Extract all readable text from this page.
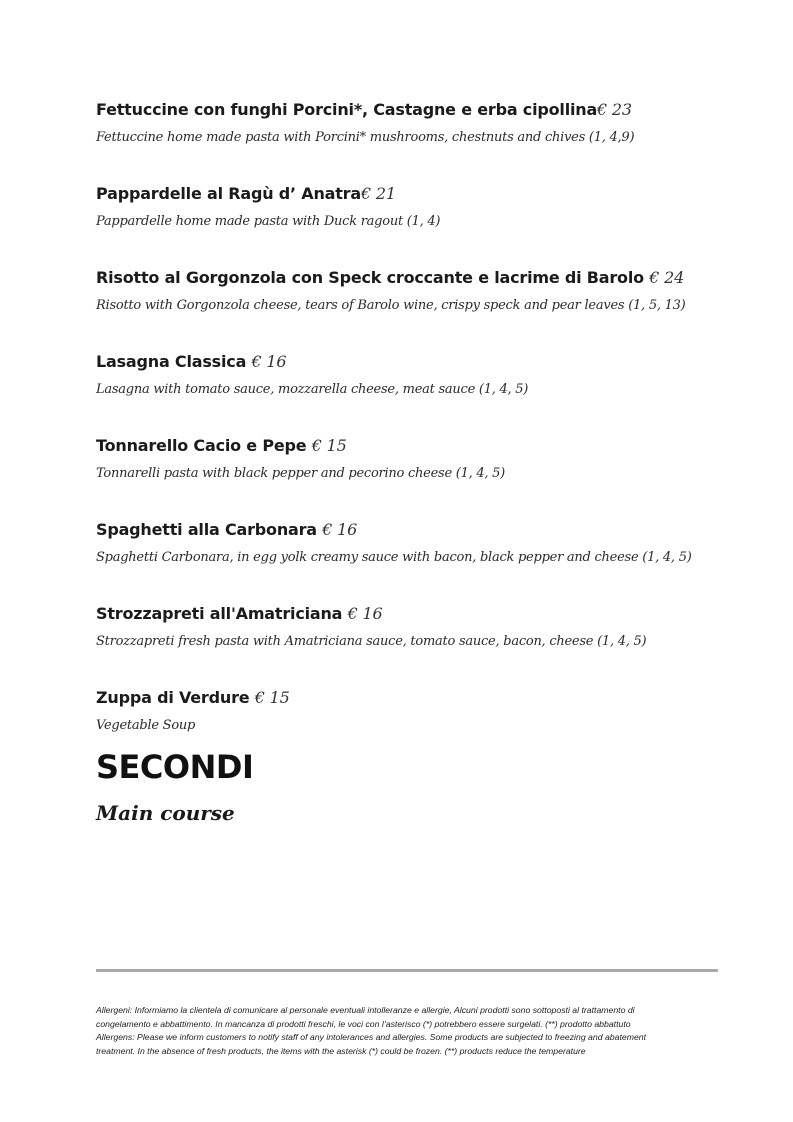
Fettuccine con funghi Porcini*, Castagne e erba cipollina€ 23
Fettuccine home made pasta with Porcini* mushrooms, chestnuts and chives (1, 4,9)
Pappardelle al Ragù d’ Anatra€ 21
Pappardelle home made pasta with Duck ragout (1, 4)
Risotto al Gorgonzola con Speck croccante e lacrime di Barolo € 24
Risotto with Gorgonzola cheese, tears of Barolo wine, crispy speck and pear leaves (1, 5, 13)
Lasagna Classica € 16
Lasagna with tomato sauce, mozzarella cheese, meat sauce (1, 4, 5)
Tonnarello Cacio e Pepe € 15
Tonnarelli pasta with black pepper and pecorino cheese (1, 4, 5)
Spaghetti alla Carbonara € 16
Spaghetti Carbonara, in egg yolk creamy sauce with bacon, black pepper and cheese (1, 4, 5)
Strozzapreti all'Amatriciana € 16
Strozzapreti fresh pasta with Amatriciana sauce, tomato sauce, bacon, cheese (1, 4, 5)
Zuppa di Verdure € 15
Vegetable Soup
SECONDI
Main course
Allergeni: Informiamo la clientela di comunicare al personale eventuali intolleranze e allergie, Alcuni prodotti sono sottoposti al trattamento di
congelamento e abbattimento. In mancanza di prodotti freschi, le voci con l’asterisco (*) potrebbero essere surgelati. (**) prodotto abbattuto
Allergens: Please we inform customers to notify staff of any intolerances and allergies. Some products are subjected to freezing and abatement
treatment. In the absence of fresh products, the items with the asterisk (*) could be frozen. (**) products reduce the temperature
